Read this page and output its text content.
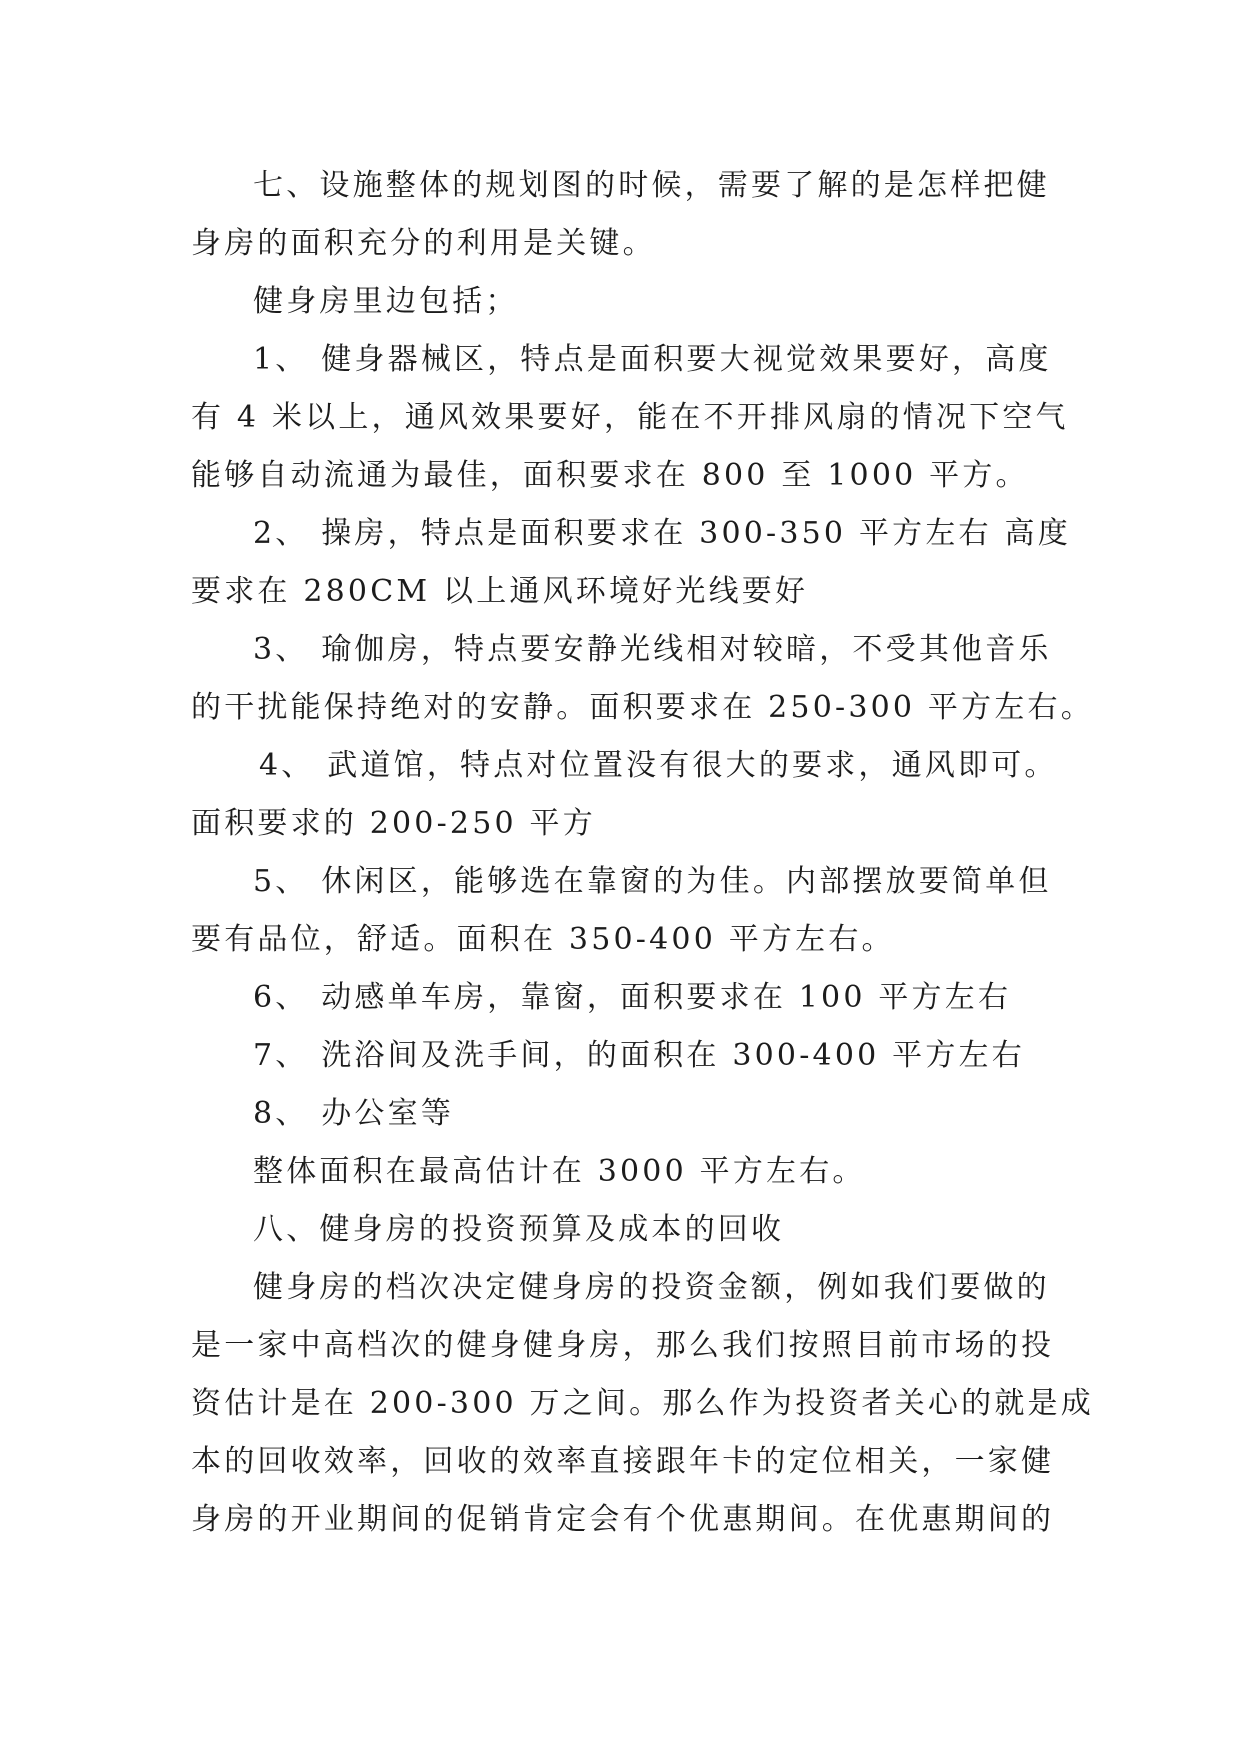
七、设施整体的规划图的时候，需要了解的是怎样把健
身房的面积充分的利用是关键。
健身房里边包括；
1、 健身器械区，特点是面积要大视觉效果要好，高度
有 4 米以上，通风效果要好，能在不开排风扇的情况下空气
能够自动流通为最佳，面积要求在 800 至 1000 平方。
2、 操房，特点是面积要求在 300-350 平方左右 高度
要求在 280CM 以上通风环境好光线要好
3、 瑜伽房，特点要安静光线相对较暗，不受其他音乐
的干扰能保持绝对的安静。面积要求在 250-300 平方左右。
4、 武道馆，特点对位置没有很大的要求，通风即可。
面积要求的 200-250 平方
5、 休闲区，能够选在靠窗的为佳。内部摆放要简单但
要有品位，舒适。面积在 350-400 平方左右。
6、 动感单车房，靠窗，面积要求在 100 平方左右
7、 洗浴间及洗手间，的面积在 300-400 平方左右
8、 办公室等
整体面积在最高估计在 3000 平方左右。
八、健身房的投资预算及成本的回收
健身房的档次决定健身房的投资金额，例如我们要做的
是一家中高档次的健身健身房，那么我们按照目前市场的投
资估计是在 200-300 万之间。那么作为投资者关心的就是成
本的回收效率，回收的效率直接跟年卡的定位相关，一家健
身房的开业期间的促销肯定会有个优惠期间。在优惠期间的
